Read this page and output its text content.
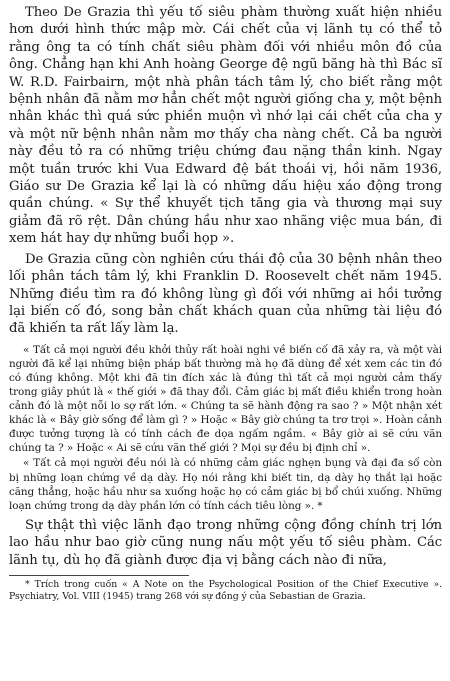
Theo De Grazia thì yếu tố siêu phàm thường xuất hiện nhiều hơn dưới hình thức mập mờ. Cái chết của vị lãnh tụ có thể tỏ rằng ông ta có tính chất siêu phàm đối với nhiều môn đồ của ông. Chẳng hạn khi Anh hoàng George đệ ngũ băng hà thì Bác sĩ W. R.D. Fairbairn, một nhà phân tách tâm lý, cho biết rằng một bệnh nhân đã nằm mơ hẳn chết một người giống cha y, một bệnh nhân khác thì quá sức phiền muộn vì nhớ lại cái chết của cha y và một nữ bệnh nhân nằm mơ thấy cha nàng chết. Cả ba người này đều tỏ ra có những triệu chứng đau nặng thần kinh. Ngay một tuần trước khi Vua Edward đệ bát thoái vị, hồi năm 1936, Giáo sư De Grazia kể lại là có những dấu hiệu xáo động trong quần chúng. « Sự thể khuyết tịch tăng gia và thương mại suy giảm đã rõ rệt. Dân chúng hầu như xao nhãng việc mua bán, đi xem hát hay dự những buổi họp ».

De Grazia cũng còn nghiên cứu thái độ của 30 bệnh nhân theo lối phân tách tâm lý, khi Franklin D. Roosevelt chết năm 1945. Những điều tìm ra đó không lùng gì đối với những ai hồi tưởng lại biến cố đó, song bản chất khách quan của những tài liệu đó đã khiến ta rất lấy làm lạ.

« Tất cả mọi người đều khởi thủy rất hoài nghi về biến cố đã xảy ra, và một vài người đã kể lại những biện pháp bất thường mà họ đã dùng để xét xem các tin đó có đúng không. Một khi đã tin đích xác là đúng thì tất cả mọi người cảm thấy trong giây phút là « thế giới » đã thay đổi. Cảm giác bị mất điều khiển trong hoàn cảnh đó là một nỗi lo sợ rất lớn. « Chúng ta sẽ hành động ra sao ? » Một nhận xét khác là « Bây giờ sống để làm gì ? » Hoặc « Bây giờ chúng ta trơ trọi ». Hoàn cảnh được tưởng tượng là có tính cách đe dọa ngấm ngầm. « Bây giờ ai sẽ cứu vãn chúng ta ? » Hoặc « Ai sẽ cứu vãn thế giới ? Mọi sự đều bị định chỉ ».

« Tất cả mọi người đều nói là có những cảm giác nghẹn bụng và đại đa số còn bị những loạn chứng về dạ dày. Họ nói rằng khi biết tin, dạ dày họ thắt lại hoặc căng thẳng, hoặc hầu như sa xuống hoặc họ có cảm giác bị bổ chúi xuống. Những loạn chứng trong dạ dày phần lớn có tính cách tiêu lòng ». *

Sự thật thì việc lãnh đạo trong những cộng đồng chính trị lớn lao hầu như bao giờ cũng nung nấu một yếu tố siêu phàm. Các lãnh tụ, dù họ đã giành được địa vị bằng cách nào đi nữa,

* Trích trong cuốn « A Note on the Psychological Position of the Chief Executive ». Psychiatry, Vol. VIII (1945) trang 268 với sự đồng ý của Sebastian de Grazia.
